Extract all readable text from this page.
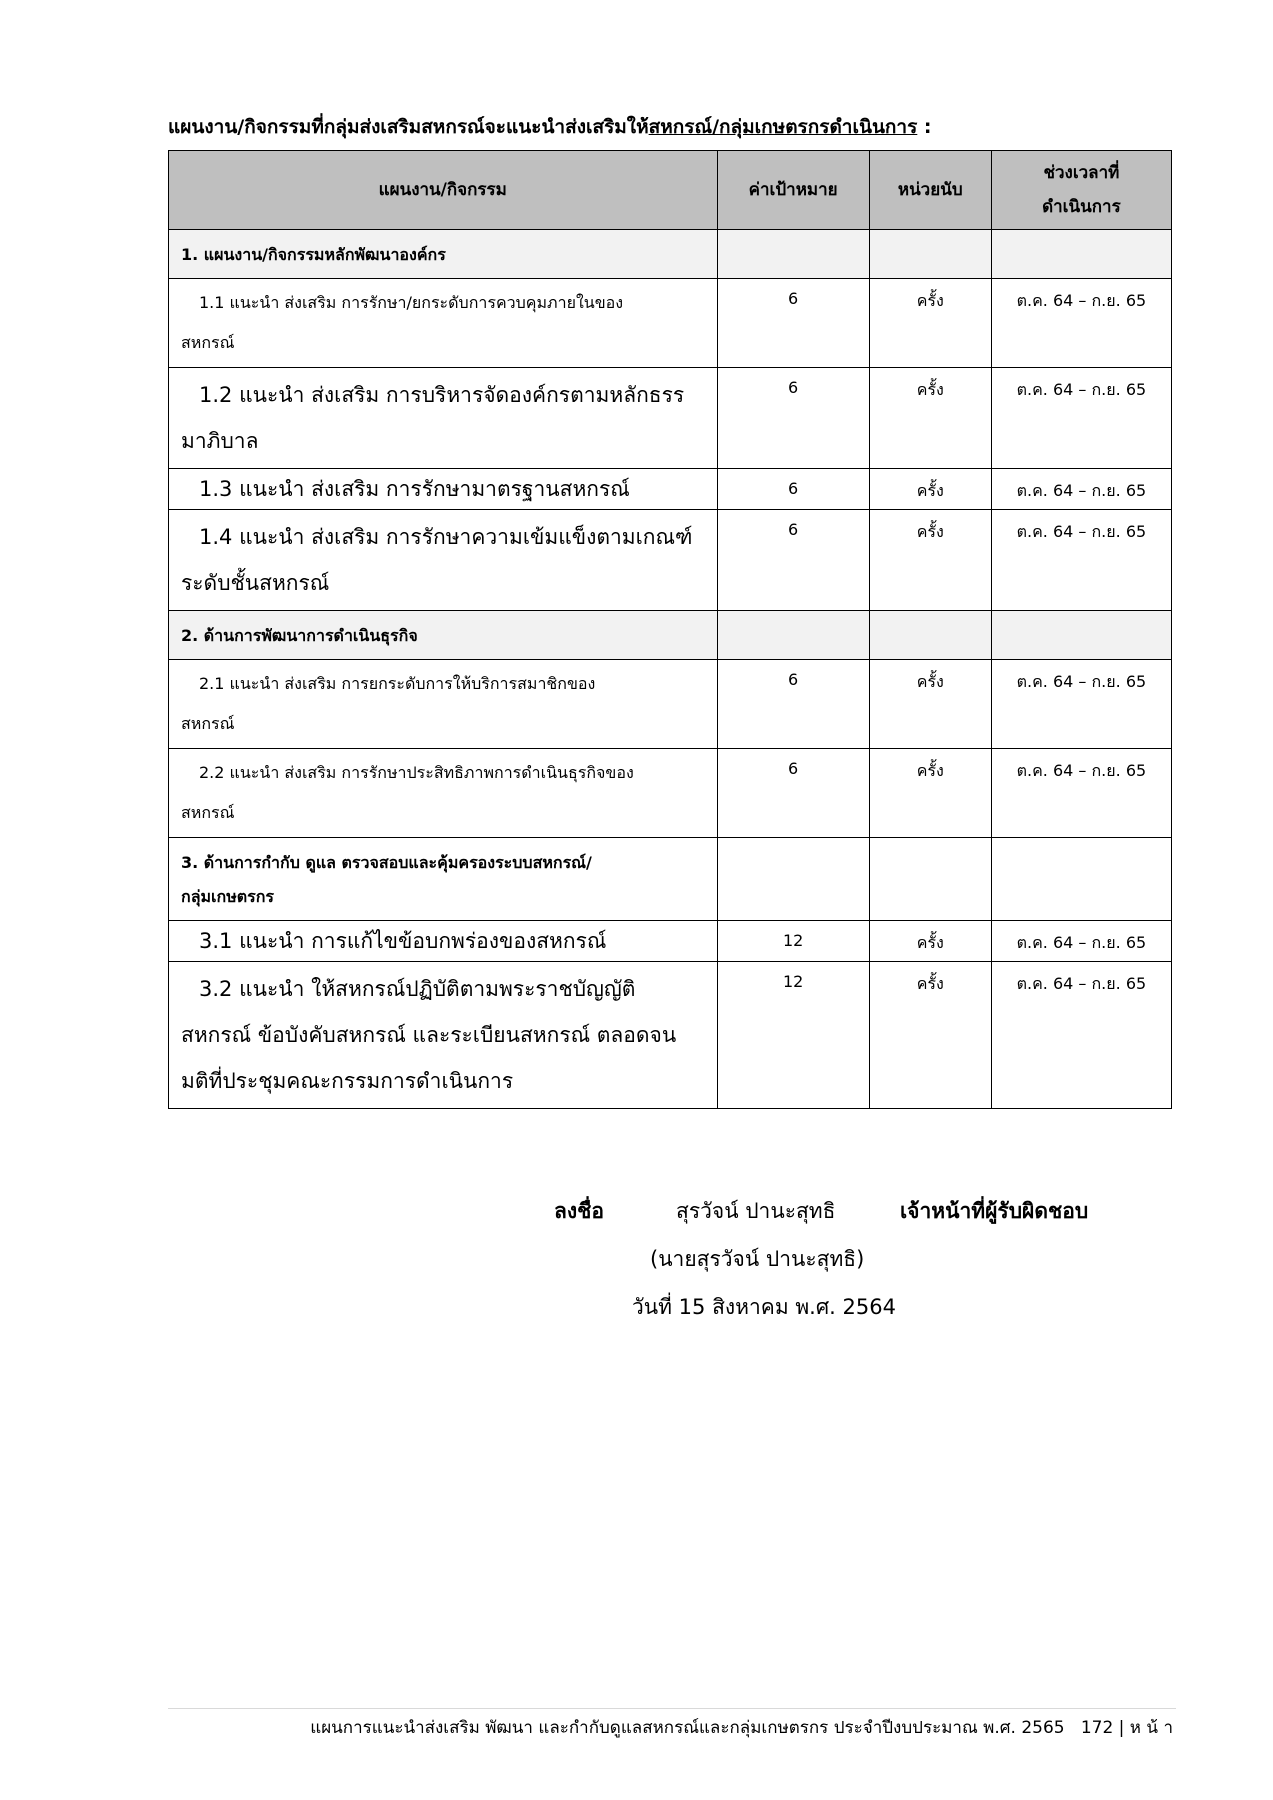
แผนงาน/กิจกรรมที่กลุ่มส่งเสริมสหกรณ์จะแนะนำส่งเสริมให้สหกรณ์/กลุ่มเกษตรกรดำเนินการ :
แผนงาน/กิจกรรม	ค่าเป้าหมาย	หน่วยนับ	ช่วงเวลาที่ดำเนินการ
1. แผนงาน/กิจกรรมหลักพัฒนาองค์กร			

1.1 แนะนำ ส่งเสริม การรักษา/ยกระดับการควบคุมภายในของ
สหกรณ์	6	ครั้ง	ต.ค. 64 – ก.ย. 65

1.2 แนะนำ ส่งเสริม การบริหารจัดองค์กรตามหลักธรร
มาภิบาล	6	ครั้ง	ต.ค. 64 – ก.ย. 65

1.3 แนะนำ ส่งเสริม การรักษามาตรฐานสหกรณ์	6	ครั้ง	ต.ค. 64 – ก.ย. 65

1.4 แนะนำ ส่งเสริม การรักษาความเข้มแข็งตามเกณฑ์
ระดับชั้นสหกรณ์	6	ครั้ง	ต.ค. 64 – ก.ย. 65
2. ด้านการพัฒนาการดำเนินธุรกิจ			

2.1 แนะนำ ส่งเสริม การยกระดับการให้บริการสมาชิกของ
สหกรณ์	6	ครั้ง	ต.ค. 64 – ก.ย. 65

2.2 แนะนำ ส่งเสริม การรักษาประสิทธิภาพการดำเนินธุรกิจของ
สหกรณ์	6	ครั้ง	ต.ค. 64 – ก.ย. 65

3. ด้านการกำกับ ดูแล ตรวจสอบและคุ้มครองระบบสหกรณ์/
กลุ่มเกษตรกร			

3.1 แนะนำ การแก้ไขข้อบกพร่องของสหกรณ์	12	ครั้ง	ต.ค. 64 – ก.ย. 65

3.2 แนะนำ ให้สหกรณ์ปฏิบัติตามพระราชบัญญัติ
สหกรณ์ ข้อบังคับสหกรณ์ และระเบียนสหกรณ์ ตลอดจน
มติที่ประชุมคณะกรรมการดำเนินการ	12	ครั้ง	ต.ค. 64 – ก.ย. 65
ลงชื่อ	สุรวัจน์ ปานะสุทธิ	เจ้าหน้าที่ผู้รับผิดชอบ
(นายสุรวัจน์ ปานะสุทธิ)
วันที่ 15 สิงหาคม พ.ศ. 2564
แผนการแนะนำส่งเสริม พัฒนา และกำกับดูแลสหกรณ์และกลุ่มเกษตรกร ประจำปีงบประมาณ พ.ศ. 2565 172 | ห น้ า
